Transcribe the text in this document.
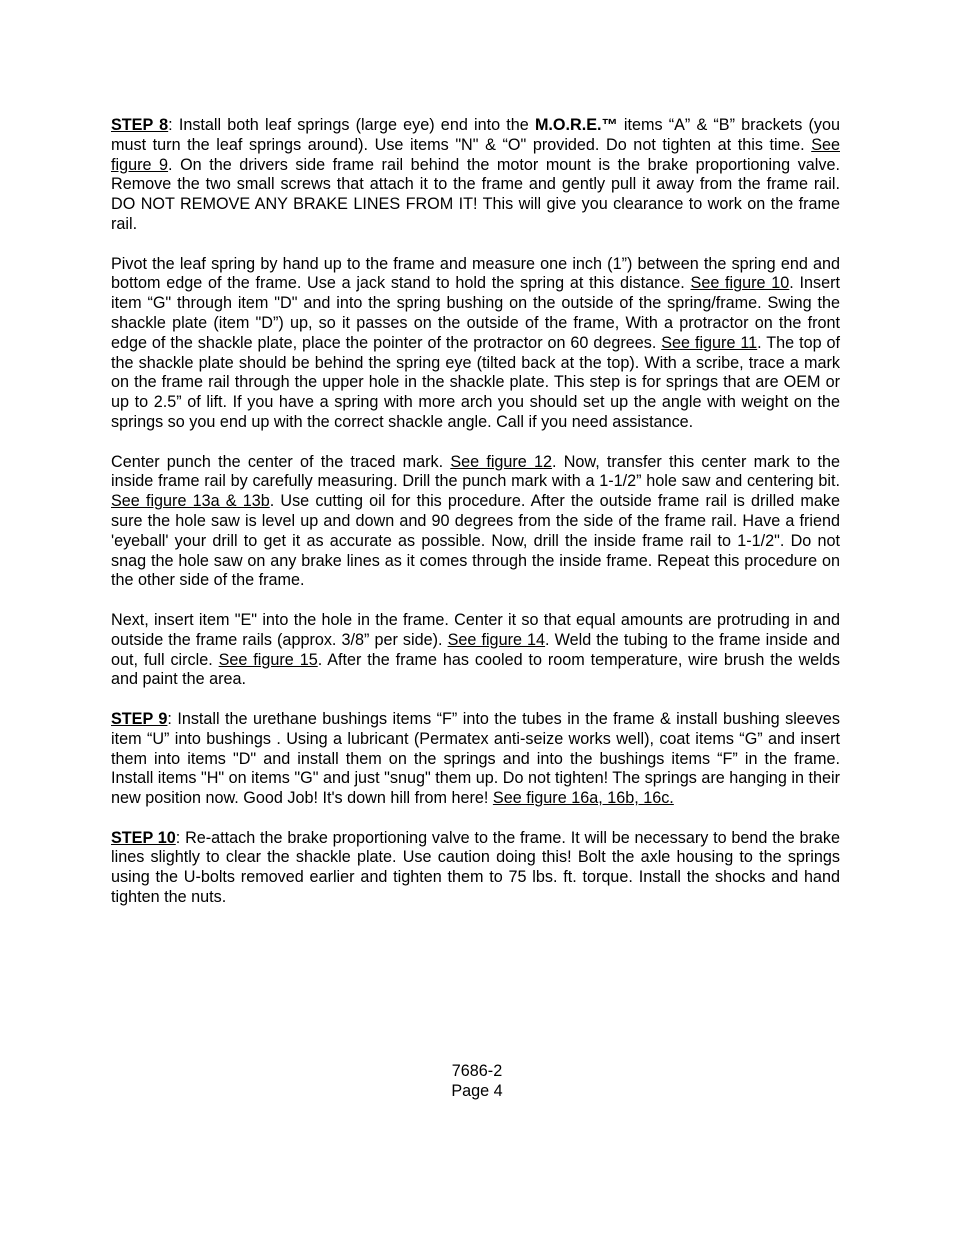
STEP 8: Install both leaf springs (large eye) end into the M.O.R.E.™ items “A” & “B” brackets (you must turn the leaf springs around). Use items "N" & “O" provided. Do not tighten at this time. See figure 9. On the drivers side frame rail behind the motor mount is the brake proportioning valve. Remove the two small screws that attach it to the frame and gently pull it away from the frame rail. DO NOT REMOVE ANY BRAKE LINES FROM IT! This will give you clearance to work on the frame rail.

Pivot the leaf spring by hand up to the frame and measure one inch (1”) between the spring end and bottom edge of the frame. Use a jack stand to hold the spring at this distance. See figure 10. Insert item “G" through item "D" and into the spring bushing on the outside of the spring/frame. Swing the shackle plate (item "D”) up, so it passes on the outside of the frame, With a protractor on the front edge of the shackle plate, place the pointer of the protractor on 60 degrees. See figure 11. The top of the shackle plate should be behind the spring eye (tilted back at the top). With a scribe, trace a mark on the frame rail through the upper hole in the shackle plate. This step is for springs that are OEM or up to 2.5” of lift. If you have a spring with more arch you should set up the angle with weight on the springs so you end up with the correct shackle angle. Call if you need assistance.

Center punch the center of the traced mark. See figure 12. Now, transfer this center mark to the inside frame rail by carefully measuring. Drill the punch mark with a 1-1/2” hole saw and centering bit. See figure 13a & 13b. Use cutting oil for this procedure. After the outside frame rail is drilled make sure the hole saw is level up and down and 90 degrees from the side of the frame rail. Have a friend 'eyeball' your drill to get it as accurate as possible. Now, drill the inside frame rail to 1-1/2". Do not snag the hole saw on any brake lines as it comes through the inside frame. Repeat this procedure on the other side of the frame.

Next, insert item "E" into the hole in the frame. Center it so that equal amounts are protruding in and outside the frame rails (approx. 3/8” per side). See figure 14. Weld the tubing to the frame inside and out, full circle. See figure 15. After the frame has cooled to room temperature, wire brush the welds and paint the area.

STEP 9: Install the urethane bushings items “F” into the tubes in the frame & install bushing sleeves item “U” into bushings . Using a lubricant (Permatex anti-seize works well), coat items “G” and insert them into items "D" and install them on the springs and into the bushings items “F” in the frame. Install items "H" on items "G" and just "snug" them up. Do not tighten! The springs are hanging in their new position now. Good Job! It's down hill from here! See figure 16a, 16b, 16c.

STEP 10: Re-attach the brake proportioning valve to the frame. It will be necessary to bend the brake lines slightly to clear the shackle plate. Use caution doing this! Bolt the axle housing to the springs using the U-bolts removed earlier and tighten them to 75 lbs. ft. torque. Install the shocks and hand tighten the nuts.

7686-2
Page 4
